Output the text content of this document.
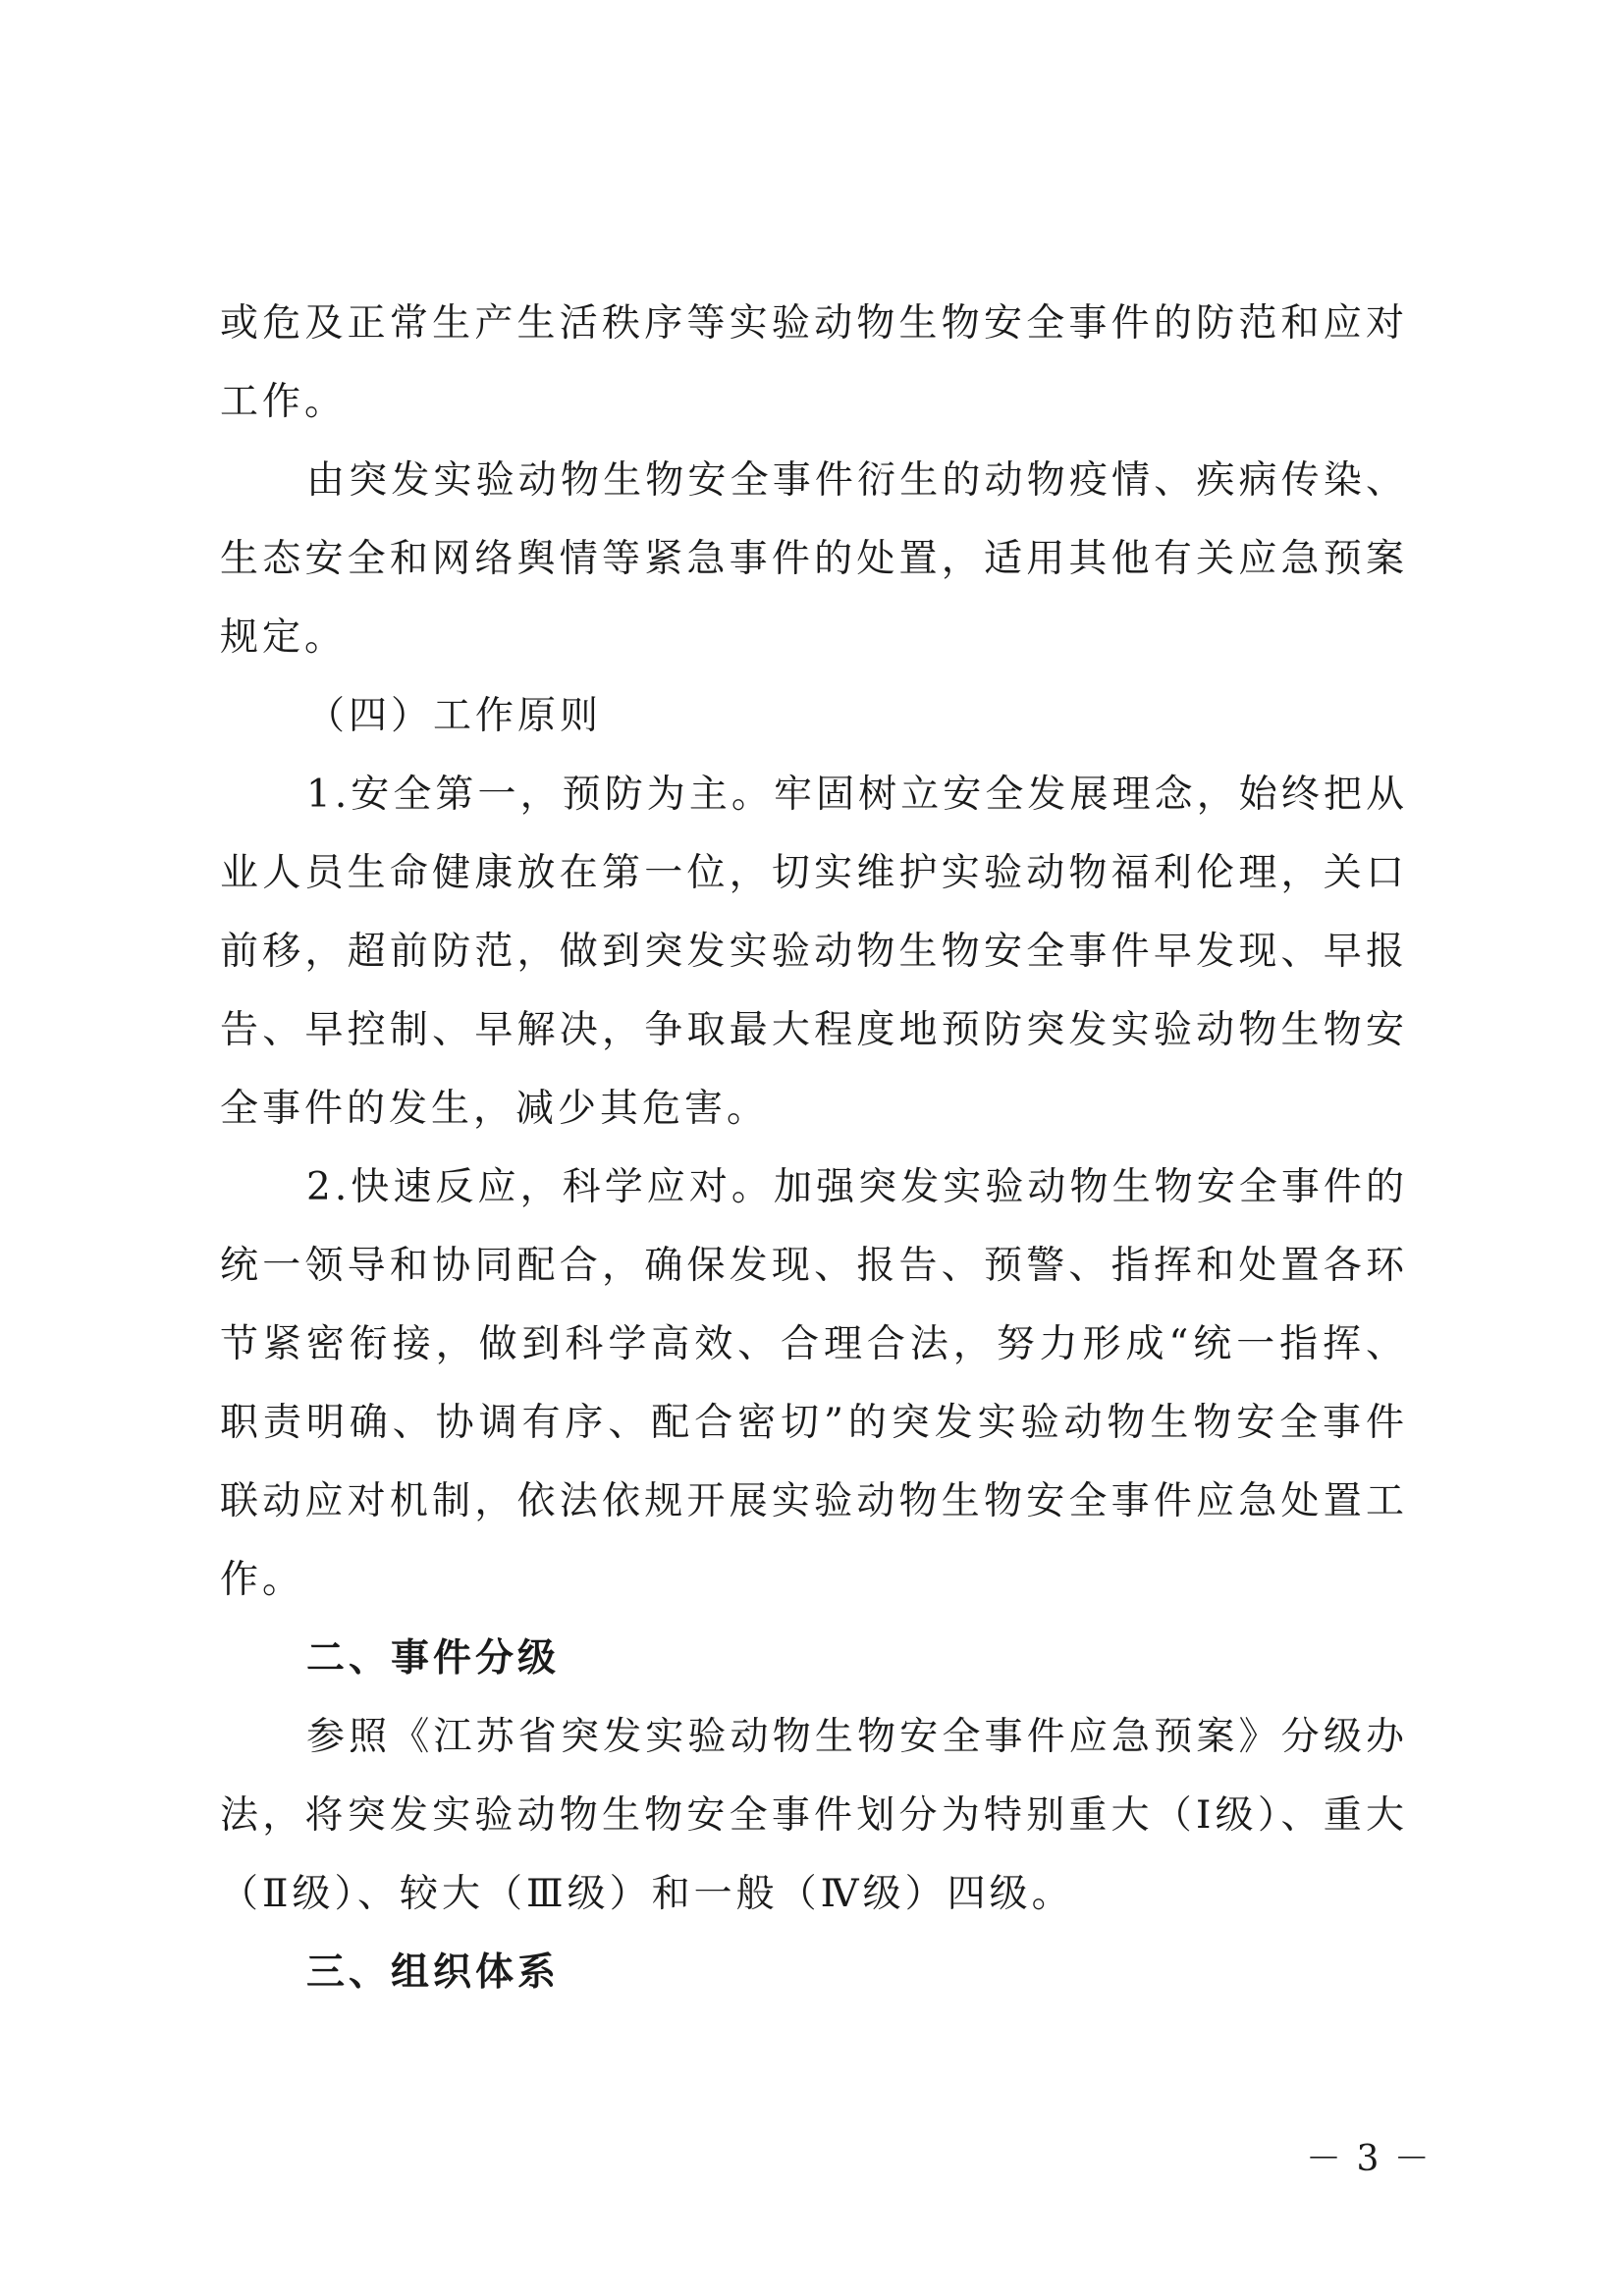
或危及正常生产生活秩序等实验动物生物安全事件的防范和应对工作。

由突发实验动物生物安全事件衍生的动物疫情、疾病传染、生态安全和网络舆情等紧急事件的处置，适用其他有关应急预案规定。

（四）工作原则

1.安全第一，预防为主。牢固树立安全发展理念，始终把从业人员生命健康放在第一位，切实维护实验动物福利伦理，关口前移，超前防范，做到突发实验动物生物安全事件早发现、早报告、早控制、早解决，争取最大程度地预防突发实验动物生物安全事件的发生，减少其危害。

2.快速反应，科学应对。加强突发实验动物生物安全事件的统一领导和协同配合，确保发现、报告、预警、指挥和处置各环节紧密衔接，做到科学高效、合理合法，努力形成“统一指挥、职责明确、协调有序、配合密切”的突发实验动物生物安全事件联动应对机制，依法依规开展实验动物生物安全事件应急处置工作。

二、事件分级

参照《江苏省突发实验动物生物安全事件应急预案》分级办法，将突发实验动物生物安全事件划分为特别重大（Ⅰ级）、重大（Ⅱ级）、较大（Ⅲ级）和一般（Ⅳ级）四级。

三、组织体系

－ 3 －
